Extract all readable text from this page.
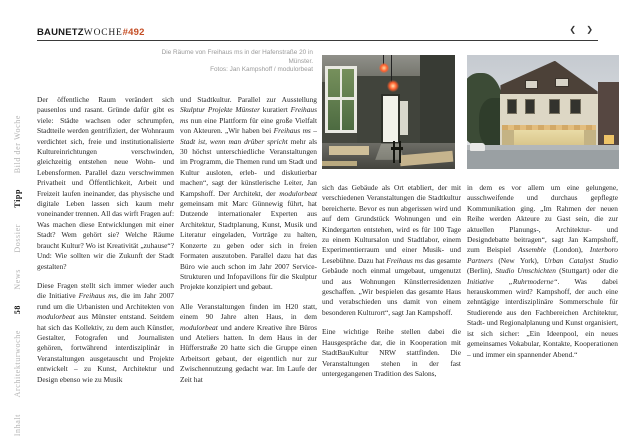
BAUNETZWOCHE#492	❮ ❯
Bild der Woche
Tipp
Dossier
News
58
Architekturwoche
Inhalt
Die Räume von Freihaus ms in der Hafenstraße 20 in Münster.
Fotos: Jan Kampshoff / modulorbeat

Der öffentliche Raum verändert sich pausenlos und rasant. Gründe dafür gibt es viele: Städte wachsen oder schrumpfen, Stadtteile werden gentrifiziert, der Wohnraum verdichtet sich, freie und institutionalisierte Kultureinrichtungen verschwinden, gleichzeitig entstehen neue Wohn- und Lebensformen. Parallel dazu verschwimmen Privatheit und Öffentlichkeit, Arbeit und Freizeit laufen ineinander, das physische und digitale Leben lassen sich kaum mehr voneinander trennen. All das wirft Fragen auf: Was machen diese Entwicklungen mit einer Stadt? Wem gehört sie? Welche Räume braucht Kultur? Wo ist Kreativität „zuhause“? Und: Wie sollten wir die Zukunft der Stadt gestalten?

Diese Fragen stellt sich immer wieder auch die Initiative Freihaus ms, die im Jahr 2007 rund um die Urbanisten und Architekten von modulorbeat aus Münster entstand. Seitdem hat sich das Kollektiv, zu dem auch Künstler, Gestalter, Fotografen und Journalisten gehören, fortwährend interdisziplinär in Veranstaltungen ausgetauscht und Projekte entwickelt – zu Kunst, Architektur und Design ebenso wie zu Musik

und Stadtkultur. Parallel zur Ausstellung Skulptur Projekte Münster kuratiert Freihaus ms nun eine Plattform für eine große Vielfalt von Akteuren. „Wir haben bei Freihaus ms – Stadt ist, wenn man drüber spricht mehr als 30 höchst unterschiedliche Veranstaltungen im Programm, die Themen rund um Stadt und Kultur ausloten, erleb- und diskutierbar machen“, sagt der künstlerische Leiter, Jan Kampshoff. Der Architekt, der modulorbeat gemeinsam mit Marc Günnewig führt, hat Dutzende internationaler Experten aus Architektur, Stadtplanung, Kunst, Musik und Literatur eingeladen, Vorträge zu halten, Konzerte zu geben oder sich in freien Formaten auszutoben. Parallel dazu hat das Büro wie auch schon im Jahr 2007 Service-Strukturen und Infopavillons für die Skulptur Projekte konzipiert und gebaut.

Alle Veranstaltungen finden im H20 statt, einem 90 Jahre alten Haus, in dem modulorbeat und andere Kreative ihre Büros und Ateliers hatten. In dem Haus in der Hüfferstraße 20 hatte sich die Gruppe einen Arbeitsort gebaut, der eigentlich nur zur Zwischennutzung gedacht war. Im Laufe der Zeit hat

sich das Gebäude als Ort etabliert, der mit verschiedenen Veranstaltungen die Stadtkultur bereicherte. Bevor es nun abgerissen wird und auf dem Grundstück Wohnungen und ein Kindergarten entstehen, wird es für 100 Tage zu einem Kultursalon und Stadtlabor, einem Experimentierraum und einer Musik- und Lesebühne. Dazu hat Freihaus ms das gesamte Gebäude noch einmal umgebaut, umgenutzt und aus Wohnungen Künstlerresidenzen geschaffen. „Wir bespielen das gesamte Haus und verabschieden uns damit von einem besonderen Kulturort“, sagt Jan Kampshoff.

Eine wichtige Reihe stellen dabei die Hausgespräche dar, die in Kooperation mit StadtBauKultur NRW stattfinden. Die Veranstaltungen stehen in der fast untergegangenen Tradition des Salons,

in dem es vor allem um eine gelungene, ausschweifende und durchaus gepflegte Kommunikation ging. „Im Rahmen der neuen Reihe werden Akteure zu Gast sein, die zur aktuellen Planungs-, Architektur- und Designdebatte beitragen“, sagt Jan Kampshoff, zum Beispiel Assemble (London), Interboro Partners (New York), Urban Catalyst Studio (Berlin), Studio Umschichten (Stuttgart) oder die Initiative „Ruhrmoderne“. Was dabei herauskommen wird? Kampshoff, der auch eine zehntägige interdisziplinäre Sommerschule für Studierende aus den Fachbereichen Architektur, Stadt- und Regionalplanung und Kunst organisiert, ist sich sicher: „Ein Ideenpool, ein neues gemeinsames Vokabular, Kontakte, Kooperationen – und immer ein spannender Abend.“
